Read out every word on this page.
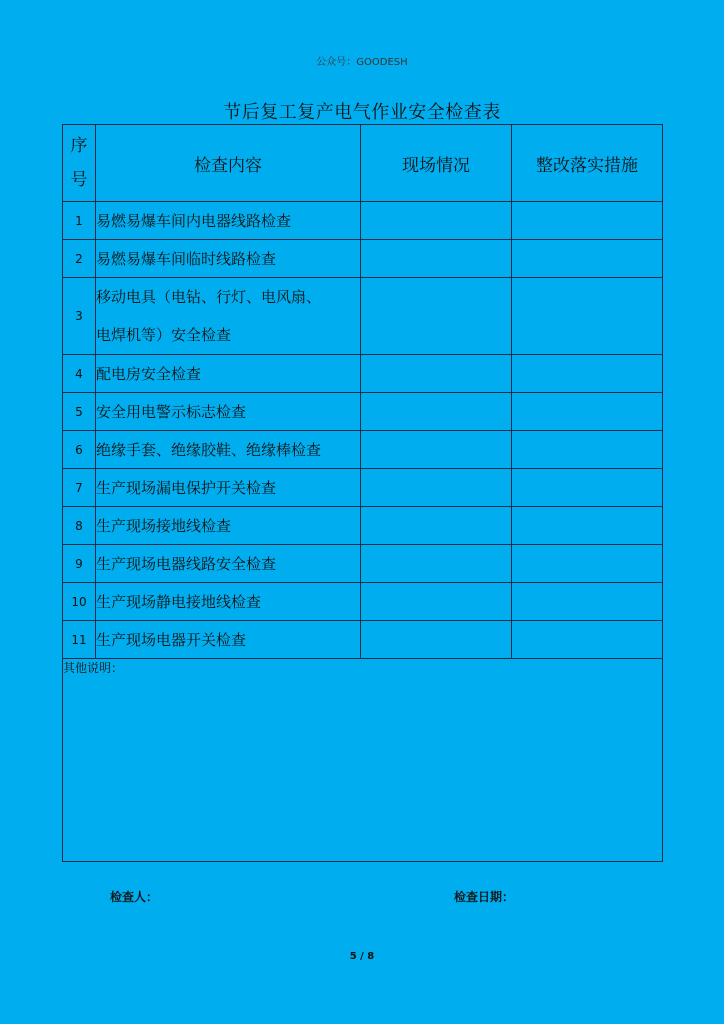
公众号：GOODESH
节后复工复产电气作业安全检查表
序
号	检查内容	现场情况	整改落实措施
1	易燃易爆车间内电器线路检查		
2	易燃易爆车间临时线路检查		
3	移动电具（电钻、行灯、电风扇、
电焊机等）安全检查		

4	配电房安全检查		
5	安全用电警示标志检查		
6	绝缘手套、绝缘胶鞋、绝缘棒检查		
7	生产现场漏电保护开关检查		
8	生产现场接地线检查		
9	生产现场电器线路安全检查		
10	生产现场静电接地线检查		
11	生产现场电器开关检查		
其他说明：			
检查人：	检查日期：
5 / 8
